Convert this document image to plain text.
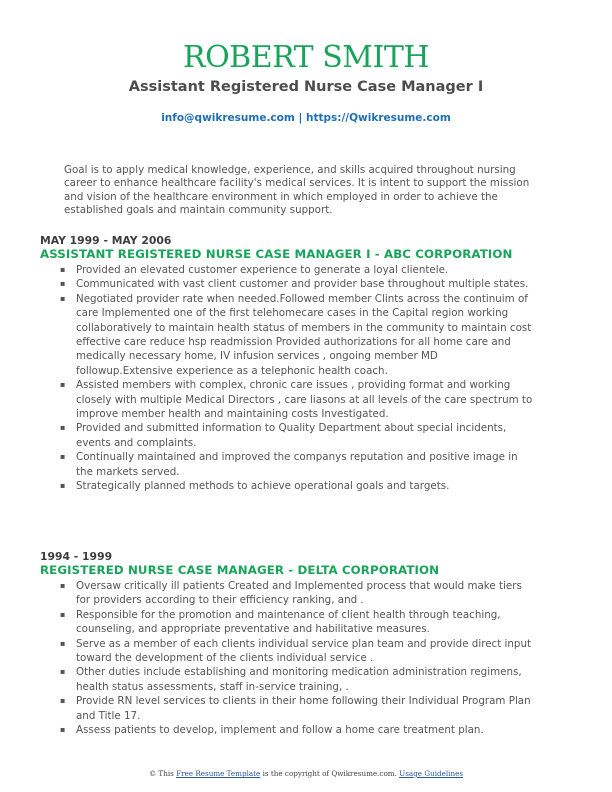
ROBERT SMITH
Assistant Registered Nurse Case Manager I
info@qwikresume.com | https://Qwikresume.com
Goal is to apply medical knowledge, experience, and skills acquired throughout nursing career to enhance healthcare facility's medical services. It is intent to support the mission and vision of the healthcare environment in which employed in order to achieve the established goals and maintain community support.
MAY 1999 - MAY 2006
ASSISTANT REGISTERED NURSE CASE MANAGER I - ABC CORPORATION
▪ Provided an elevated customer experience to generate a loyal clientele.
▪ Communicated with vast client customer and provider base throughout multiple states.
▪ Negotiated provider rate when needed.Followed member Clints across the continuim of care Implemented one of the first telehomecare cases in the Capital region working collaboratively to maintain health status of members in the community to maintain cost effective care reduce hsp readmission Provided authorizations for all home care and medically necessary home, IV infusion services , ongoing member MD followup.Extensive experience as a telephonic health coach.
▪ Assisted members with complex, chronic care issues , providing format and working closely with multiple Medical Directors , care liasons at all levels of the care spectrum to improve member health and maintaining costs Investigated.
▪ Provided and submitted information to Quality Department about special incidents, events and complaints.
▪ Continually maintained and improved the companys reputation and positive image in the markets served.
▪ Strategically planned methods to achieve operational goals and targets.
1994 - 1999
REGISTERED NURSE CASE MANAGER - DELTA CORPORATION
▪ Oversaw critically ill patients Created and Implemented process that would make tiers for providers according to their efficiency ranking, and .
▪ Responsible for the promotion and maintenance of client health through teaching, counseling, and appropriate preventative and habilitative measures.
▪ Serve as a member of each clients individual service plan team and provide direct input toward the development of the clients individual service .
▪ Other duties include establishing and monitoring medication administration regimens, health status assessments, staff in-service training, .
▪ Provide RN level services to clients in their home following their Individual Program Plan and Title 17.
▪ Assess patients to develop, implement and follow a home care treatment plan.
© This Free Resume Template is the copyright of Qwikresume.com. Usage Guidelines
